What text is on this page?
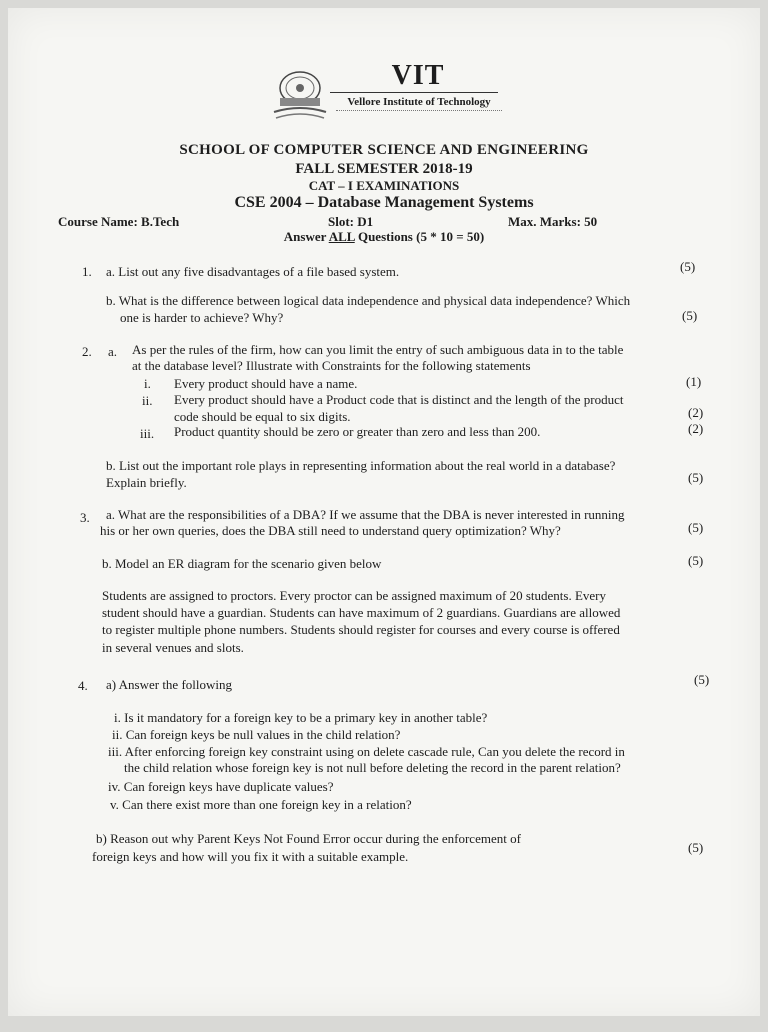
VIT
Vellore Institute of Technology
SCHOOL OF COMPUTER SCIENCE AND ENGINEERING
FALL SEMESTER 2018-19
CAT – I EXAMINATIONS
CSE 2004 – Database Management Systems
Course Name: B.Tech	Slot: D1	Max. Marks: 50
Answer ALL Questions (5 * 10 = 50)
1. a. List out any five disadvantages of a file based system.	(5)
b. What is the difference between logical data independence and physical data independence? Which
one is harder to achieve? Why?	(5)
2. a. As per the rules of the firm, how can you limit the entry of such ambiguous data in to the table
at the database level? Illustrate with Constraints for the following statements
i. Every product should have a name.	(1)
ii. Every product should have a Product code that is distinct and the length of the product
code should be equal to six digits.	(2)
iii. Product quantity should be zero or greater than zero and less than 200.	(2)
b. List out the important role plays in representing information about the real world in a database?
Explain briefly.	(5)
3. a. What are the responsibilities of a DBA? If we assume that the DBA is never interested in running
his or her own queries, does the DBA still need to understand query optimization? Why?	(5)
b. Model an ER diagram for the scenario given below	(5)
Students are assigned to proctors. Every proctor can be assigned maximum of 20 students. Every
student should have a guardian. Students can have maximum of 2 guardians. Guardians are allowed
to register multiple phone numbers. Students should register for courses and every course is offered
in several venues and slots.
4. a) Answer the following	(5)
i. Is it mandatory for a foreign key to be a primary key in another table?
ii. Can foreign keys be null values in the child relation?
iii. After enforcing foreign key constraint using on delete cascade rule, Can you delete the record in
the child relation whose foreign key is not null before deleting the record in the parent relation?
iv. Can foreign keys have duplicate values?
v. Can there exist more than one foreign key in a relation?
b) Reason out why Parent Keys Not Found Error occur during the enforcement of
foreign keys and how will you fix it with a suitable example.
(5)
